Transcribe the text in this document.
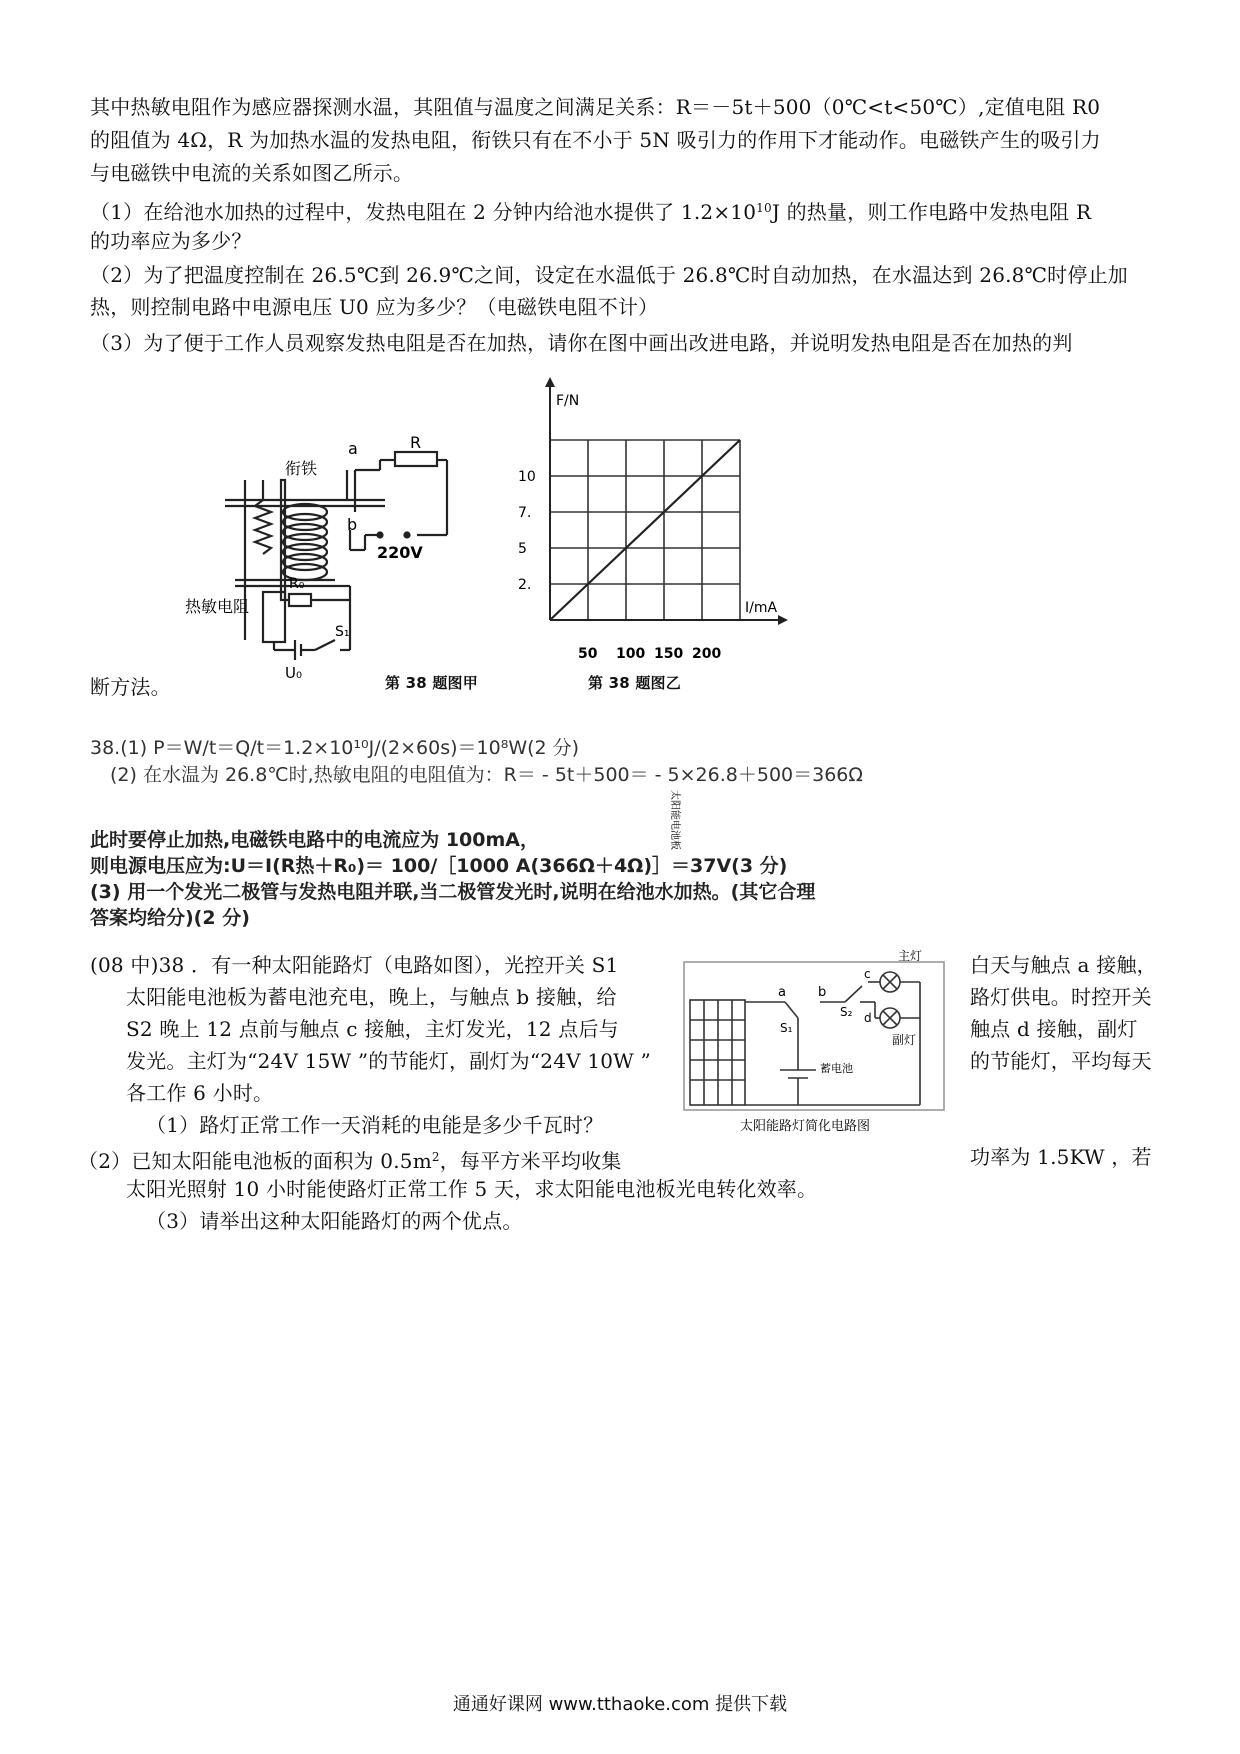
其中热敏电阻作为感应器探测水温，其阻值与温度之间满足关系：R＝－5t＋500（0℃<t<50℃）,定值电阻 R0
的阻值为 4Ω，R 为加热水温的发热电阻，衔铁只有在不小于 5N 吸引力的作用下才能动作。电磁铁产生的吸引力
与电磁铁中电流的关系如图乙所示。
（1）在给池水加热的过程中，发热电阻在 2 分钟内给池水提供了 $1.2\times 10^{10}J$ 的热量，则工作电路中发热电阻 R
的功率应为多少？
（2）为了把温度控制在 26.5℃到 26.9℃之间，设定在水温低于 26.8℃时自动加热，在水温达到 26.8℃时停止加
热，则控制电路中电源电压 U0 应为多少？（电磁铁电阻不计）
（3）为了便于工作人员观察发热电阻是否在加热，请你在图中画出改进电路，并说明发热电阻是否在加热的判
断方法。
a	R
衔铁
b
220V
热敏电阻
R₀
S₁
U₀
第 38 题图甲
F/N
I/mA
50 100 150 200
2.
5
7.
10
第 38 题图乙
38.(1) P＝W/t＝Q/t＝1.2×10¹⁰J/(2×60s)＝10⁸W(2 分)
(2) 在水温为 26.8℃时,热敏电阻的电阻值为：R＝ - 5t＋500＝ - 5×26.8＋500＝366Ω
此时要停止加热,电磁铁电路中的电流应为 100mA，
则电源电压应为:U＝I(R热＋R₀)＝ 100/［1000 A(366Ω＋4Ω)］＝37V(3 分)
(3) 用一个发光二极管与发热电阻并联,当二极管发光时,说明在给池水加热。(其它合理
答案均给分)(2 分)
(08 中)38 ．有一种太阳能路灯（电路如图），光控开关 S1	白天与触点 a 接触，
太阳能电池板为蓄电池充电，晚上，与触点 b 接触，给	路灯供电。时控开关
S2 晚上 12 点前与触点 c 接触，主灯发光，12 点后与	触点 d 接触，副灯
发光。主灯为“24V 15W ”的节能灯，副灯为“24V 10W ”	的节能灯，平均每天
各工作 6 小时。
（1）路灯正常工作一天消耗的电能是多少千瓦时？
（2）已知太阳能电池板的面积为 $0.5m^2$，每平方米平均收集	功率为 1.5KW ，若
太阳光照射 10 小时能使路灯正常工作 5 天，求太阳能电池板光电转化效率。
（3）请举出这种太阳能路灯的两个优点。
a b
c
d
S₁
S₂
主灯
副灯
蓄电池
太阳能电池板
太阳能路灯简化电路图
通通好课网 www.tthaoke.com 提供下载
